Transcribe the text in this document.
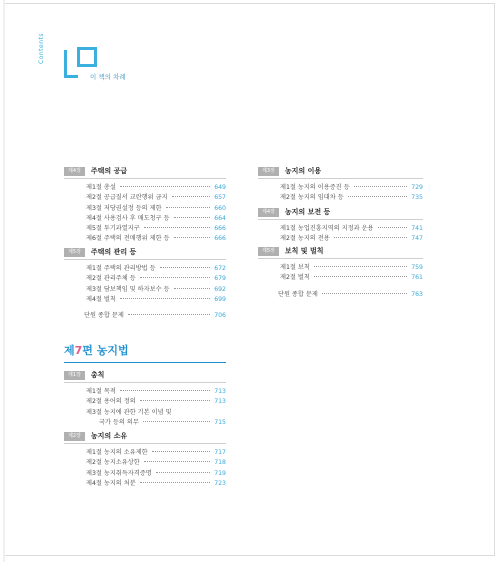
Contents
이 책의 차례
제4장	주택의 공급
제1절 총설	649
제2절 공급질서 교란행위 금지	657
제3절 저당권설정 등의 제한	660
제4절 사용검사 후 매도청구 등	664
제5절 투기과열지구	666
제6절 주택의 전매행위 제한 등	666
제5장	주택의 관리 등
제1절 주택의 관리방법 등	672
제2절 관리주체 등	679
제3절 담보책임 및 하자보수 등	692
제4절 벌칙	699
단원 종합 문제	706
제7편 농지법
제1장	총칙
제1절 목적	713
제2절 용어의 정의	713
제3절 농지에 관한 기본 이념 및
국가 등의 의무	715
제2장	농지의 소유
제1절 농지의 소유제한	717
제2절 농지소유상한	718
제3절 농지취득자격증명	719
제4절 농지의 처분	723
제3장	농지의 이용
제1절 농지의 이용증진 등	729
제2절 농지의 임대차 등	735
제4장	농지의 보전 등
제1절 농업진흥지역의 지정과 운용	741
제2절 농지의 전용	747
제5장	보칙 및 벌칙
제1절 보칙	759
제2절 벌칙	761
단원 종합 문제	763
